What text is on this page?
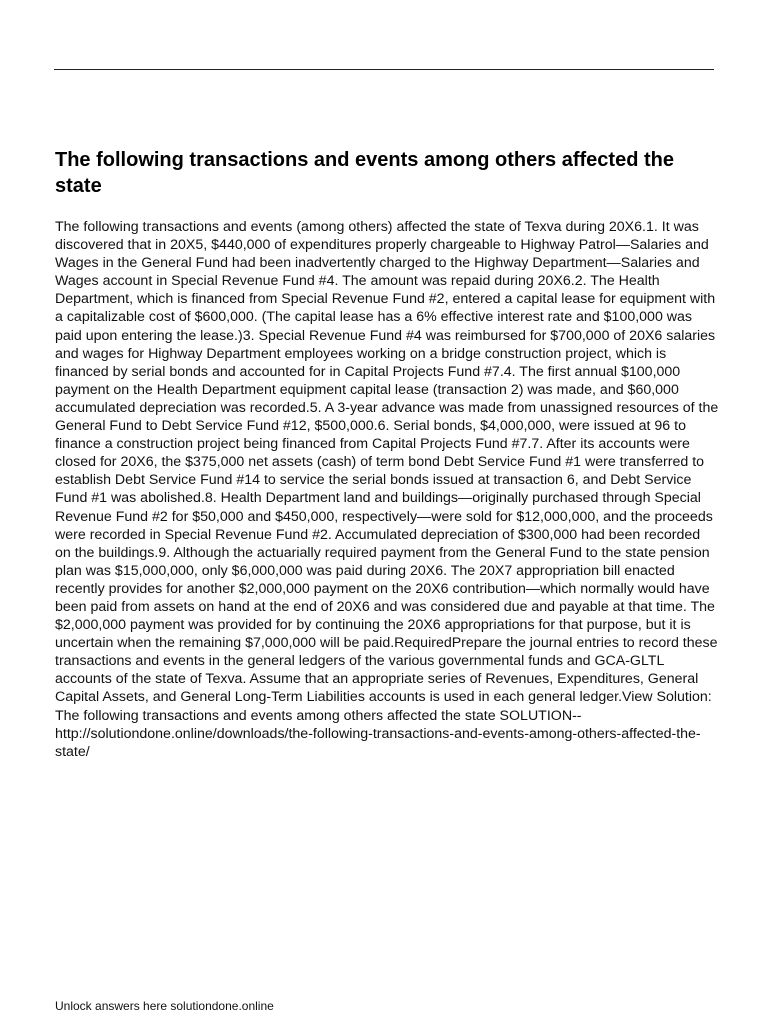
The following transactions and events among others affected the state

The following transactions and events (among others) affected the state of Texva during 20X6.1. It was discovered that in 20X5, $440,000 of expenditures properly chargeable to Highway Patrol—Salaries and Wages in the General Fund had been inadvertently charged to the Highway Department—Salaries and Wages account in Special Revenue Fund #4. The amount was repaid during 20X6.2. The Health Department, which is financed from Special Revenue Fund #2, entered a capital lease for equipment with a capitalizable cost of $600,000. (The capital lease has a 6% effective interest rate and $100,000 was paid upon entering the lease.)3. Special Revenue Fund #4 was reimbursed for $700,000 of 20X6 salaries and wages for Highway Department employees working on a bridge construction project, which is financed by serial bonds and accounted for in Capital Projects Fund #7.4. The first annual $100,000 payment on the Health Department equipment capital lease (transaction 2) was made, and $60,000 accumulated depreciation was recorded.5. A 3-year advance was made from unassigned resources of the General Fund to Debt Service Fund #12, $500,000.6. Serial bonds, $4,000,000, were issued at 96 to finance a construction project being financed from Capital Projects Fund #7.7. After its accounts were closed for 20X6, the $375,000 net assets (cash) of term bond Debt Service Fund #1 were transferred to establish Debt Service Fund #14 to service the serial bonds issued at transaction 6, and Debt Service Fund #1 was abolished.8. Health Department land and buildings—originally purchased through Special Revenue Fund #2 for $50,000 and $450,000, respectively—were sold for $12,000,000, and the proceeds were recorded in Special Revenue Fund #2. Accumulated depreciation of $300,000 had been recorded on the buildings.9. Although the actuarially required payment from the General Fund to the state pension plan was $15,000,000, only $6,000,000 was paid during 20X6. The 20X7 appropriation bill enacted recently provides for another $2,000,000 payment on the 20X6 contribution—which normally would have been paid from assets on hand at the end of 20X6 and was considered due and payable at that time. The $2,000,000 payment was provided for by continuing the 20X6 appropriations for that purpose, but it is uncertain when the remaining $7,000,000 will be paid.RequiredPrepare the journal entries to record these transactions and events in the general ledgers of the various governmental funds and GCA-GLTL accounts of the state of Texva. Assume that an appropriate series of Revenues, Expenditures, General Capital Assets, and General Long-Term Liabilities accounts is used in each general ledger.View Solution: The following transactions and events among others affected the state SOLUTION-- http://solutiondone.online/downloads/the-following-transactions-and-events-among-others-affected-the-state/

Unlock answers here solutiondone.online
